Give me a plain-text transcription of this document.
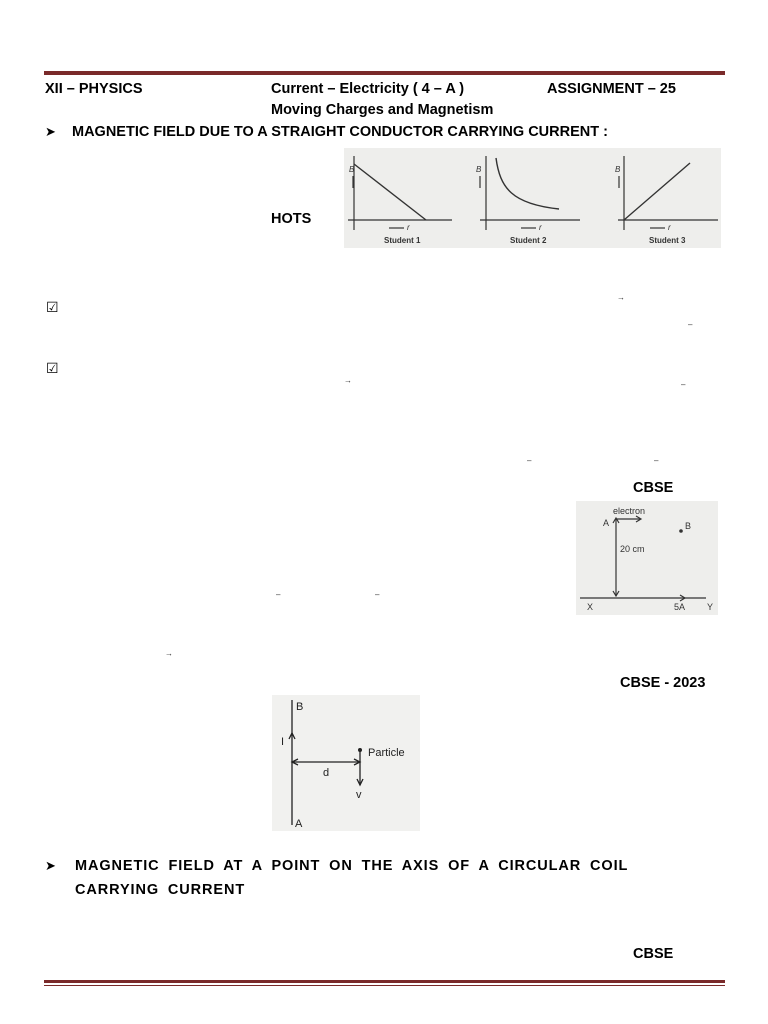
XII – PHYSICS	Current – Electricity ( 4 – A )	ASSIGNMENT – 25
Moving Charges and Magnetism
➤ MAGNETIC FIELD DUE TO A STRAIGHT CONDUCTOR CARRYING CURRENT :
HOTS
B
r
Student 1
B
r
Student 2
B
r
Student 3
☑
☑
→
–
→	–
–	–
–	–
→
CBSE
CBSE - 2023
CBSE
electron
A	B
20 cm
X	5A Y
B
I
Particle
d
v
A
➤ MAGNETIC FIELD AT A POINT ON THE AXIS OF A CIRCULAR COIL
CARRYING CURRENT
